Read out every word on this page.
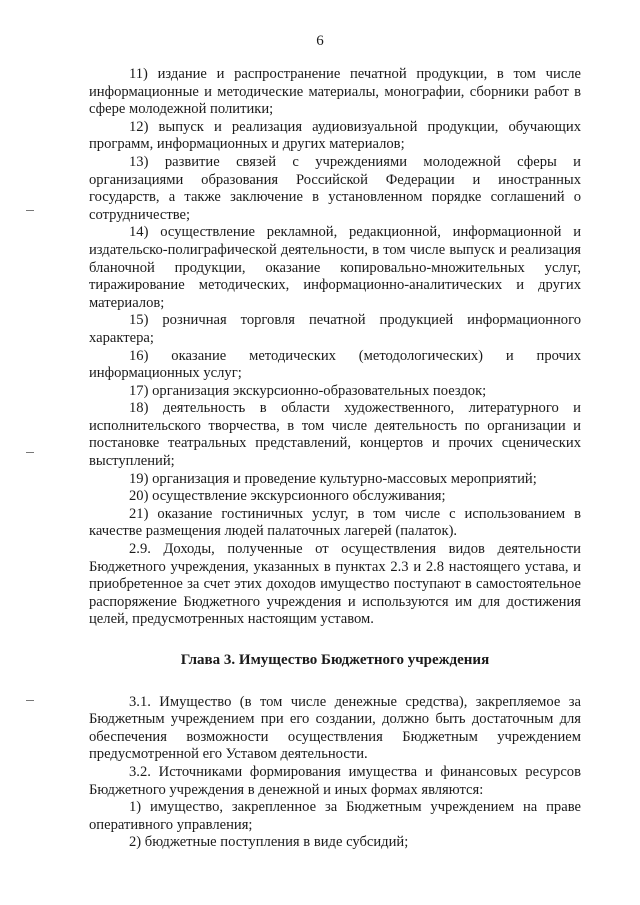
6

11) издание и распространение печатной продукции, в том числе информационные и методические материалы, монографии, сборники работ в сфере молодежной политики;

12) выпуск и реализация аудиовизуальной продукции, обучающих программ, информационных и других материалов;

13) развитие связей с учреждениями молодежной сферы и организациями образования Российской Федерации и иностранных государств, а также заключение в установленном порядке соглашений о сотрудничестве;

14) осуществление рекламной, редакционной, информационной и издательско-полиграфической деятельности, в том числе выпуск и реализация бланочной продукции, оказание копировально-множительных услуг, тиражирование методических, информационно-аналитических и других материалов;

15) розничная торговля печатной продукцией информационного характера;

16) оказание методических (методологических) и прочих информационных услуг;

17) организация экскурсионно-образовательных поездок;

18) деятельность в области художественного, литературного и исполнительского творчества, в том числе деятельность по организации и постановке театральных представлений, концертов и прочих сценических выступлений;

19) организация и проведение культурно-массовых мероприятий;

20) осуществление экскурсионного обслуживания;

21) оказание гостиничных услуг, в том числе с использованием в качестве размещения людей палаточных лагерей (палаток).

2.9. Доходы, полученные от осуществления видов деятельности Бюджетного учреждения, указанных в пунктах 2.3 и 2.8 настоящего устава, и приобретенное за счет этих доходов имущество поступают в самостоятельное распоряжение Бюджетного учреждения и используются им для достижения целей, предусмотренных настоящим уставом.

Глава 3. Имущество Бюджетного учреждения

3.1. Имущество (в том числе денежные средства), закрепляемое за Бюджетным учреждением при его создании, должно быть достаточным для обеспечения возможности осуществления Бюджетным учреждением предусмотренной его Уставом деятельности.

3.2. Источниками формирования имущества и финансовых ресурсов Бюджетного учреждения в денежной и иных формах являются:

1) имущество, закрепленное за Бюджетным учреждением на праве оперативного управления;

2) бюджетные поступления в виде субсидий;
